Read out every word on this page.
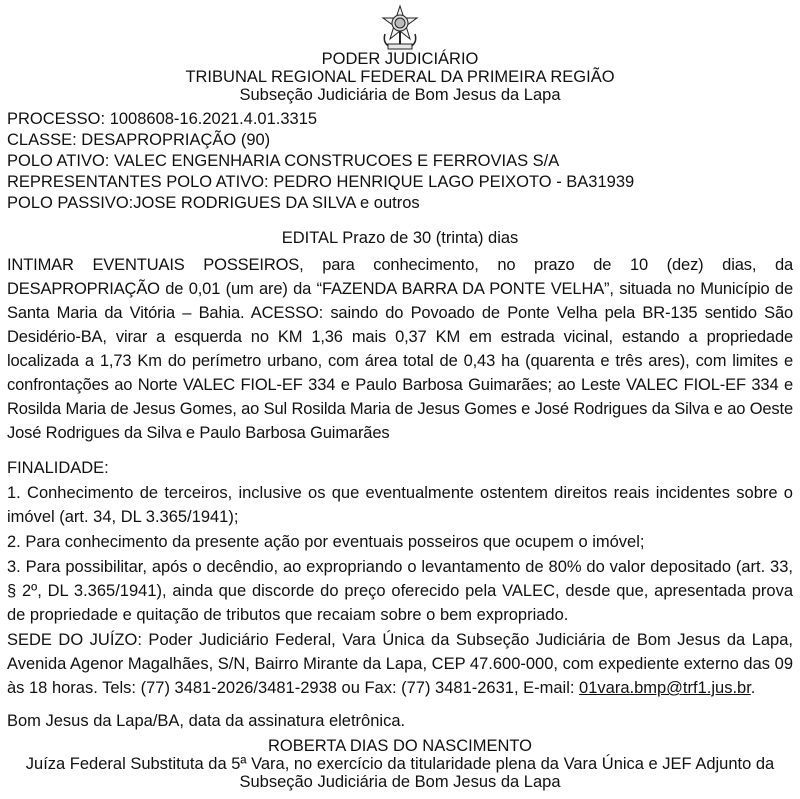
PODER JUDICIÁRIO
TRIBUNAL REGIONAL FEDERAL DA PRIMEIRA REGIÃO
Subseção Judiciária de Bom Jesus da Lapa
PROCESSO: 1008608-16.2021.4.01.3315
CLASSE: DESAPROPRIAÇÃO (90)
POLO ATIVO: VALEC ENGENHARIA CONSTRUCOES E FERROVIAS S/A
REPRESENTANTES POLO ATIVO: PEDRO HENRIQUE LAGO PEIXOTO - BA31939
POLO PASSIVO:JOSE RODRIGUES DA SILVA e outros
EDITAL Prazo de 30 (trinta) dias
INTIMAR EVENTUAIS POSSEIROS, para conhecimento, no prazo de 10 (dez) dias, da DESAPROPRIAÇÃO de 0,01 (um are) da “FAZENDA BARRA DA PONTE VELHA”, situada no Município de Santa Maria da Vitória – Bahia. ACESSO: saindo do Povoado de Ponte Velha pela BR-135 sentido São Desidério-BA, virar a esquerda no KM 1,36 mais 0,37 KM em estrada vicinal, estando a propriedade localizada a 1,73 Km do perímetro urbano, com área total de 0,43 ha (quarenta e três ares), com limites e confrontações ao Norte VALEC FIOL-EF 334 e Paulo Barbosa Guimarães; ao Leste VALEC FIOL-EF 334 e Rosilda Maria de Jesus Gomes, ao Sul Rosilda Maria de Jesus Gomes e José Rodrigues da Silva e ao Oeste José Rodrigues da Silva e Paulo Barbosa Guimarães
FINALIDADE:
1. Conhecimento de terceiros, inclusive os que eventualmente ostentem direitos reais incidentes sobre o imóvel (art. 34, DL 3.365/1941);
2. Para conhecimento da presente ação por eventuais posseiros que ocupem o imóvel;
3. Para possibilitar, após o decêndio, ao expropriando o levantamento de 80% do valor depositado (art. 33, § 2º, DL 3.365/1941), ainda que discorde do preço oferecido pela VALEC, desde que, apresentada prova de propriedade e quitação de tributos que recaiam sobre o bem expropriado.
SEDE DO JUÍZO: Poder Judiciário Federal, Vara Única da Subseção Judiciária de Bom Jesus da Lapa, Avenida Agenor Magalhães, S/N, Bairro Mirante da Lapa, CEP 47.600-000, com expediente externo das 09 às 18 horas. Tels: (77) 3481-2026/3481-2938 ou Fax: (77) 3481-2631, E-mail: 01vara.bmp@trf1.jus.br.
Bom Jesus da Lapa/BA, data da assinatura eletrônica.
ROBERTA DIAS DO NASCIMENTO
Juíza Federal Substituta da 5ª Vara, no exercício da titularidade plena da Vara Única e JEF Adjunto da
Subseção Judiciária de Bom Jesus da Lapa
